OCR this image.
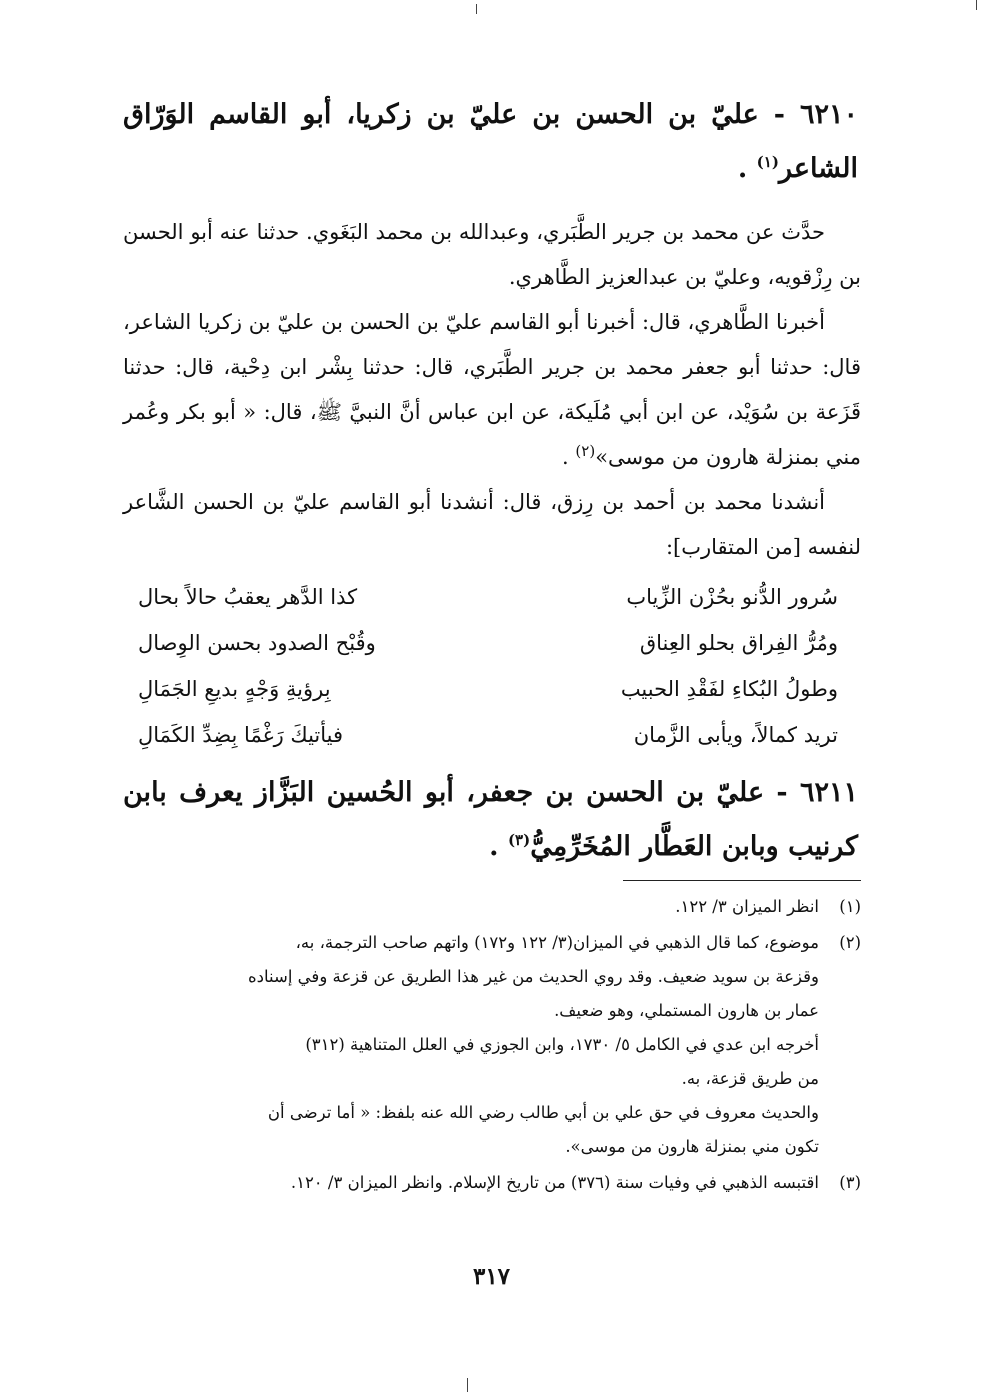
٦٢١٠ - عليّ بن الحسن بن عليّ بن زكريا، أبو القاسم الوَرّاق الشاعر$^{(١)}$ .
حدَّث عن محمد بن جرير الطَّبَري، وعبدالله بن محمد البَغَوي. حدثنا عنه أبو الحسن بن رِزْقويه، وعليّ بن عبدالعزيز الطَّاهري.
أخبرنا الطَّاهري، قال: أخبرنا أبو القاسم عليّ بن الحسن بن عليّ بن زكريا الشاعر، قال: حدثنا أبو جعفر محمد بن جرير الطَّبَري، قال: حدثنا بِشْر ابن دِحْية، قال: حدثنا قَزَعة بن سُوَيْد، عن ابن أبي مُلَيكة، عن ابن عباس أنَّ النبيَّ ﷺ، قال: « أبو بكر وعُمر مني بمنزلة هارون من موسى»$^{(٢)}$ .
أنشدنا محمد بن أحمد بن رِزق، قال: أنشدنا أبو القاسم عليّ بن الحسن الشَّاعر لنفسه [من المتقارب]:
سُرور الدُّنو بحُزْن الزِّياب
كذا الدَّهر يعقبُ حالاً بحال
ومُرُّ الفِراق بحلو العِناق
وقُبْح الصدود بحسن الوِصال
وطولُ البُكاءِ لفَقْدِ الحبيب
بِرؤيةِ وَجْهٍ بديعِ الجَمَالِ
تريد كمالاً، ويأبى الزَّمان
فيأتيكَ رَغْمًا بِضِدِّ الكَمَالِ
٦٢١١ - عليّ بن الحسن بن جعفر، أبو الحُسين البَزَّاز يعرف بابن كرنيب وبابن العَطَّار المُخَرِّمِيُّ$^{(٣)}$ .
(١)
انظر الميزان ٣/ ١٢٢.
(٢)
موضوع، كما قال الذهبي في الميزان(٣/ ١٢٢ و١٧٢) واتهم صاحب الترجمة، به،
وقزعة بن سويد ضعيف. وقد روي الحديث من غير هذا الطريق عن قزعة وفي إسناده
عمار بن هارون المستملي، وهو ضعيف.
أخرجه ابن عدي في الكامل ٥/ ١٧٣٠، وابن الجوزي في العلل المتناهية (٣١٢)
من طريق قزعة، به.
والحديث معروف في حق علي بن أبي طالب رضي الله عنه بلفظ: « أما ترضى أن
تكون مني بمنزلة هارون من موسى».
(٣)
اقتبسه الذهبي في وفيات سنة (٣٧٦) من تاريخ الإسلام. وانظر الميزان ٣/ ١٢٠.
٣١٧
